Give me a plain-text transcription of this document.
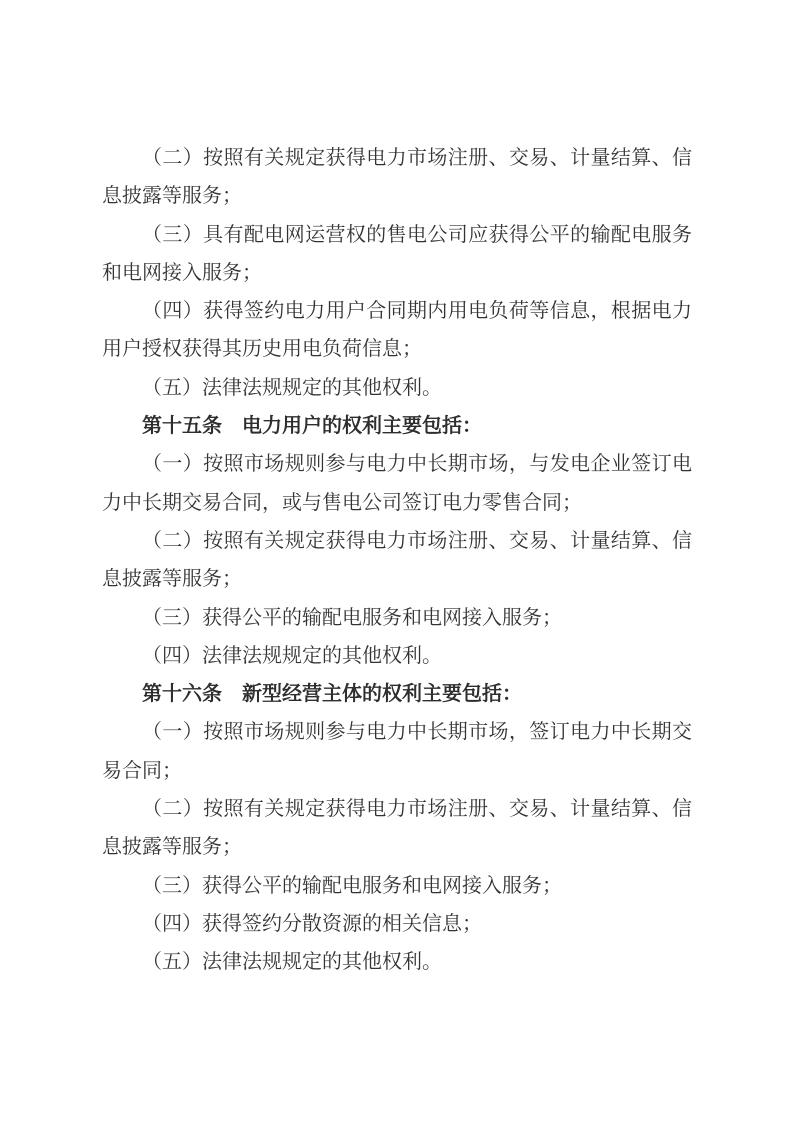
（二）按照有关规定获得电力市场注册、交易、计量结算、信
息披露等服务；
（三）具有配电网运营权的售电公司应获得公平的输配电服务
和电网接入服务；
（四）获得签约电力用户合同期内用电负荷等信息，根据电力
用户授权获得其历史用电负荷信息；
（五）法律法规规定的其他权利。
第十五条 电力用户的权利主要包括：
（一）按照市场规则参与电力中长期市场，与发电企业签订电
力中长期交易合同，或与售电公司签订电力零售合同；
（二）按照有关规定获得电力市场注册、交易、计量结算、信
息披露等服务；
（三）获得公平的输配电服务和电网接入服务；
（四）法律法规规定的其他权利。
第十六条 新型经营主体的权利主要包括：
（一）按照市场规则参与电力中长期市场，签订电力中长期交
易合同；
（二）按照有关规定获得电力市场注册、交易、计量结算、信
息披露等服务；
（三）获得公平的输配电服务和电网接入服务；
（四）获得签约分散资源的相关信息；
（五）法律法规规定的其他权利。
